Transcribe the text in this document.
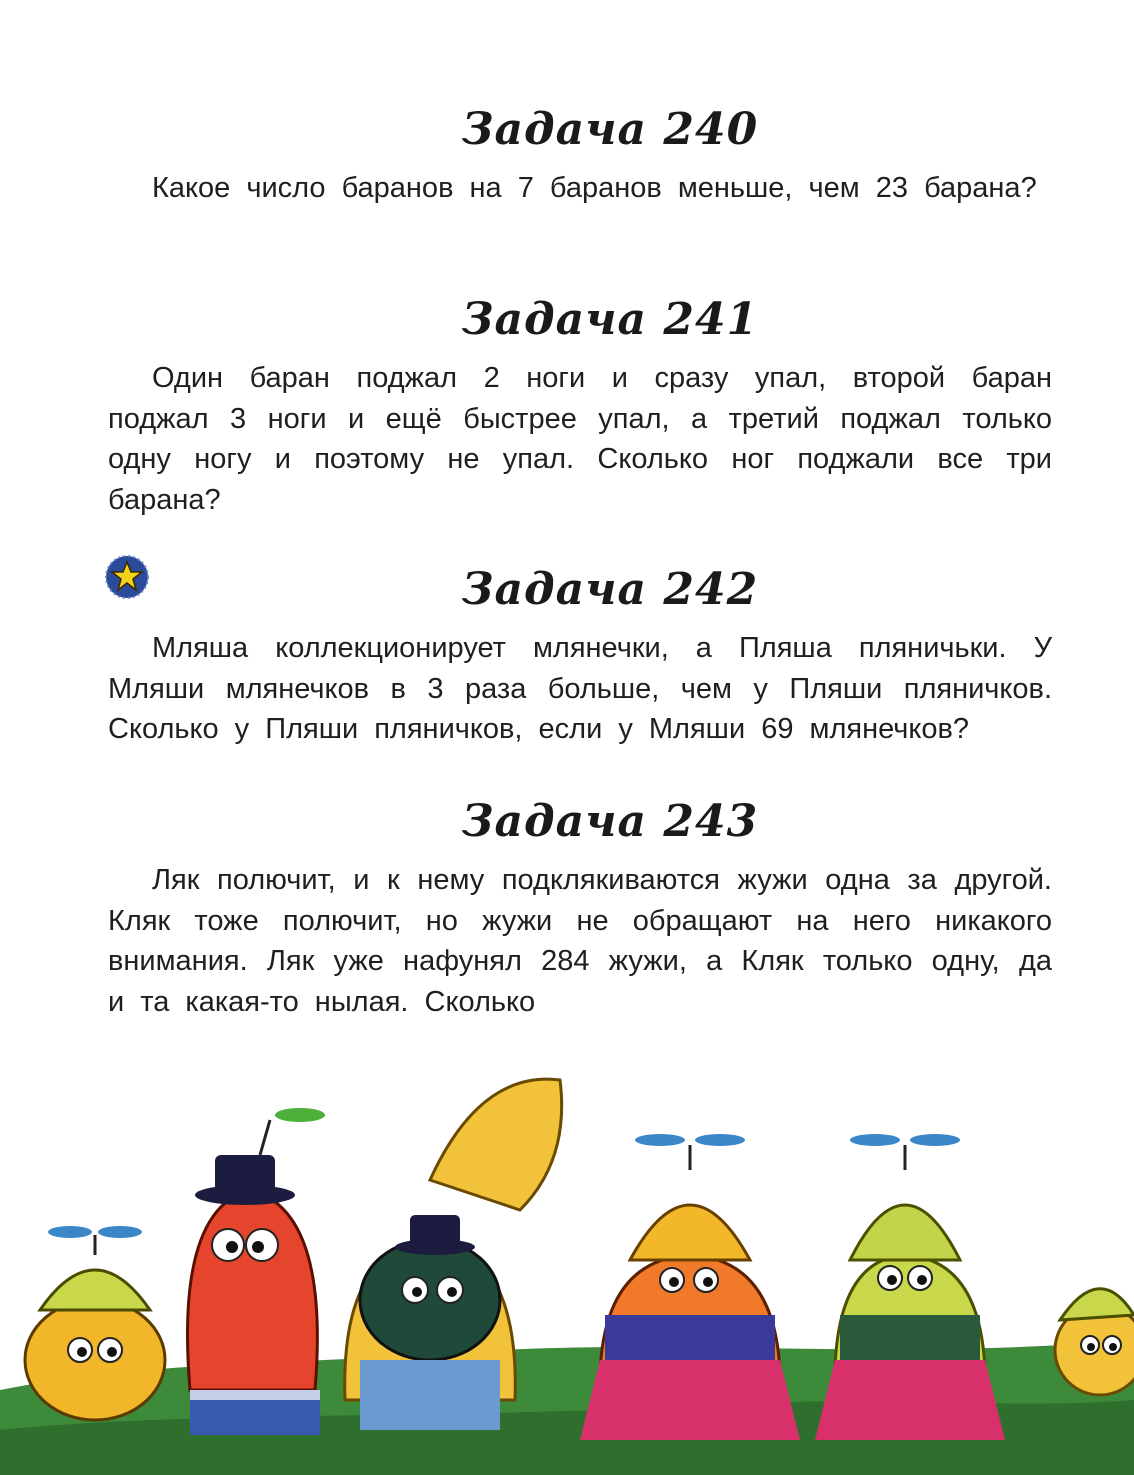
Задача 240

Какое число баранов на 7 баранов меньше, чем 23 барана?

Задача 241

Один баран поджал 2 ноги и сразу упал, второй баран поджал 3 ноги и ещё быстрее упал, а третий поджал только одну ногу и поэтому не упал. Сколько ног поджали все три барана?

Задача 242

Мляша коллекционирует млянечки, а Пляша пляничьки. У Мляши млянечков в 3 раза больше, чем у Пляши пляничков. Сколько у Пляши пляничков, если у Мляши 69 млянечков?

Задача 243

Ляк полючит, и к нему подклякиваются жужи одна за другой. Кляк тоже полючит, но жужи не обращают на него никакого внимания. Ляк уже нафунял 284 жужи, а Кляк только одну, да и та какая-то нылая. Сколько
